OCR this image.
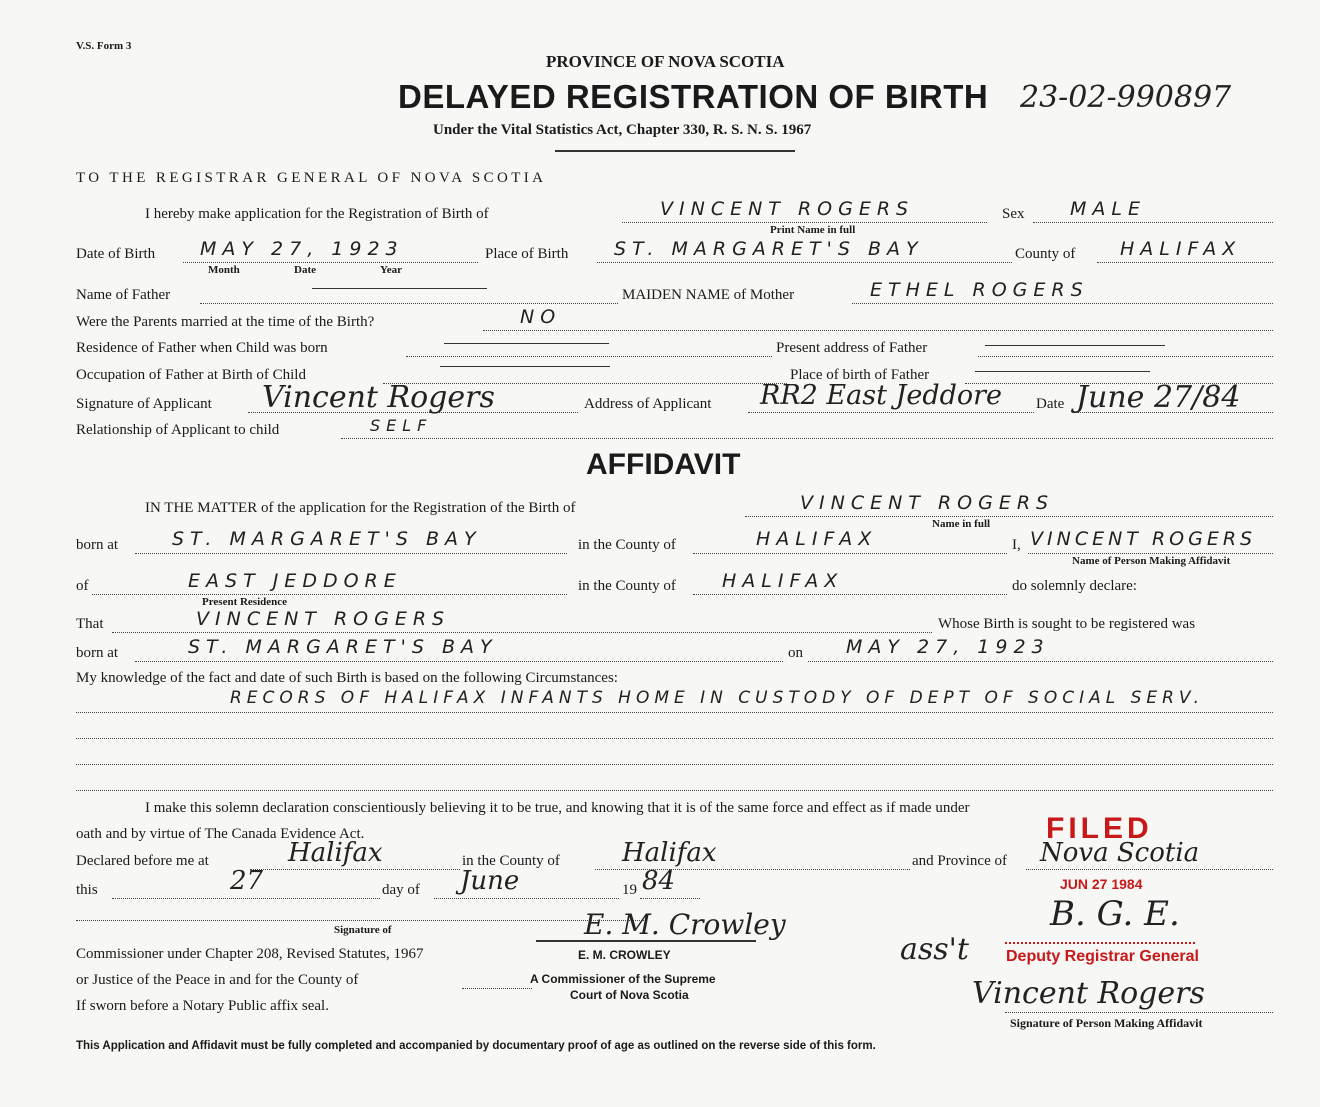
V.S. Form 3
PROVINCE OF NOVA SCOTIA
DELAYED REGISTRATION OF BIRTH 23-02-990897
Under the Vital Statistics Act, Chapter 330, R. S. N. S. 1967
TO THE REGISTRAR GENERAL OF NOVA SCOTIA
I hereby make application for the Registration of Birth of	VINCENT ROGERS
Print Name in full
Sex MALE
Date of Birth MAY 27, 1923
Month	Date	Year
Place of Birth ST. MARGARET'S BAY	County of HALIFAX
Name of Father	MAIDEN NAME of Mother	ETHEL ROGERS
Were the Parents married at the time of the Birth?	NO
Residence of Father when Child was born	Present address of Father
Occupation of Father at Birth of Child	Place of birth of Father
Signature of Applicant Vincent Rogers	Address of Applicant RR2 East Jeddore Date June 27/84
Relationship of Applicant to child	SELF
AFFIDAVIT
IN THE MATTER of the application for the Registration of the Birth of	VINCENT ROGERS
Name in full
born at	ST. MARGARET'S BAY	in the County of	HALIFAX	I, VINCENT ROGERS
Name of Person Making Affidavit
of	EAST JEDDORE
Present Residence
in the County of HALIFAX	do solemnly declare:
That	VINCENT ROGERS	Whose Birth is sought to be registered was
born at	ST. MARGARET'S BAY	on MAY 27, 1923
My knowledge of the fact and date of such Birth is based on the following Circumstances:
RECORS OF HALIFAX INFANTS HOME IN CUSTODY OF DEPT OF SOCIAL SERV.
I make this solemn declaration conscientiously believing it to be true, and knowing that it is of the same force and effect as if made under
oath and by virtue of The Canada Evidence Act.
Declared before me at	Halifax	in the County of Halifax	and Province of Nova Scotia
this	27	day of June	19 84
Signature of
Commissioner under Chapter 208, Revised Statutes, 1967
or Justice of the Peace in and for the County of
If sworn before a Notary Public affix seal.
E. M. Crowley
E. M. CROWLEY
A Commissioner of the Supreme
Court of Nova Scotia
FILED
JUN 27 1984
B. G. E.
ass't Deputy Registrar General
Vincent Rogers
Signature of Person Making Affidavit
This Application and Affidavit must be fully completed and accompanied by documentary proof of age as outlined on the reverse side of this form.
